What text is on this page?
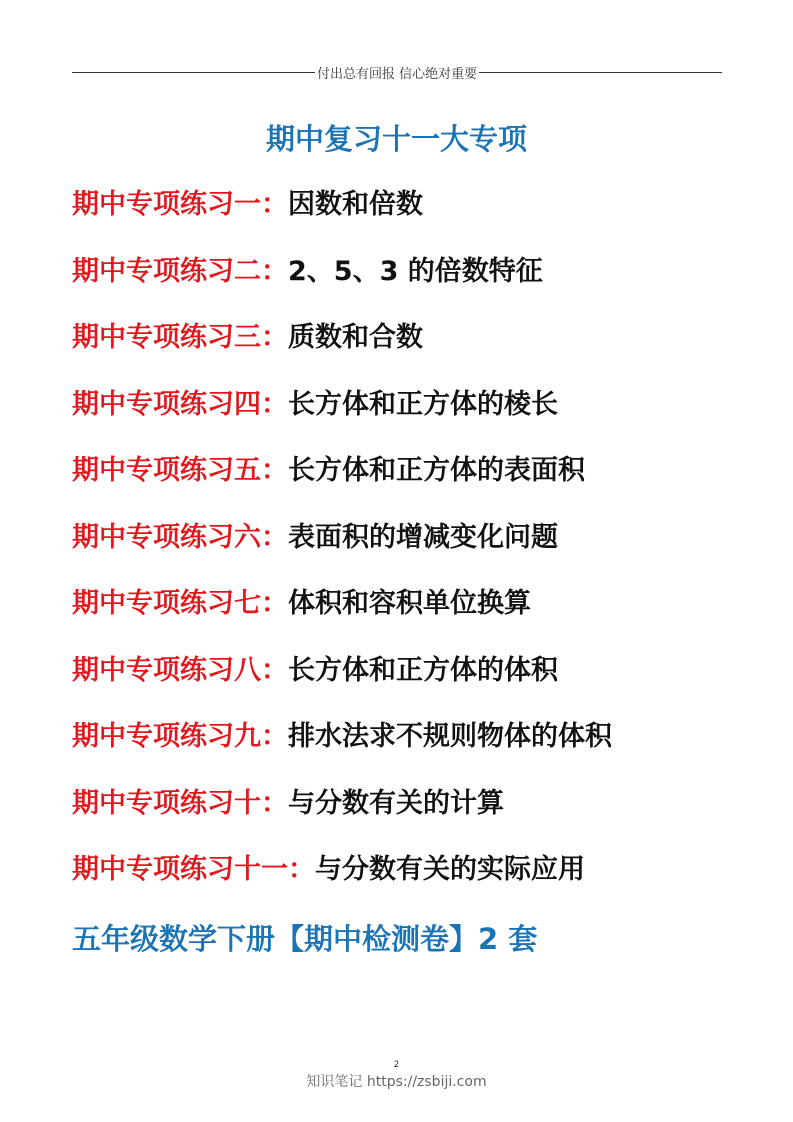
付出总有回报 信心绝对重要
期中复习十一大专项
期中专项练习一：因数和倍数
期中专项练习二：2、5、3 的倍数特征
期中专项练习三：质数和合数
期中专项练习四：长方体和正方体的棱长
期中专项练习五：长方体和正方体的表面积
期中专项练习六：表面积的增减变化问题
期中专项练习七：体积和容积单位换算
期中专项练习八：长方体和正方体的体积
期中专项练习九：排水法求不规则物体的体积
期中专项练习十：与分数有关的计算
期中专项练习十一：与分数有关的实际应用
五年级数学下册【期中检测卷】2 套
2
知识笔记 https://zsbiji.com
